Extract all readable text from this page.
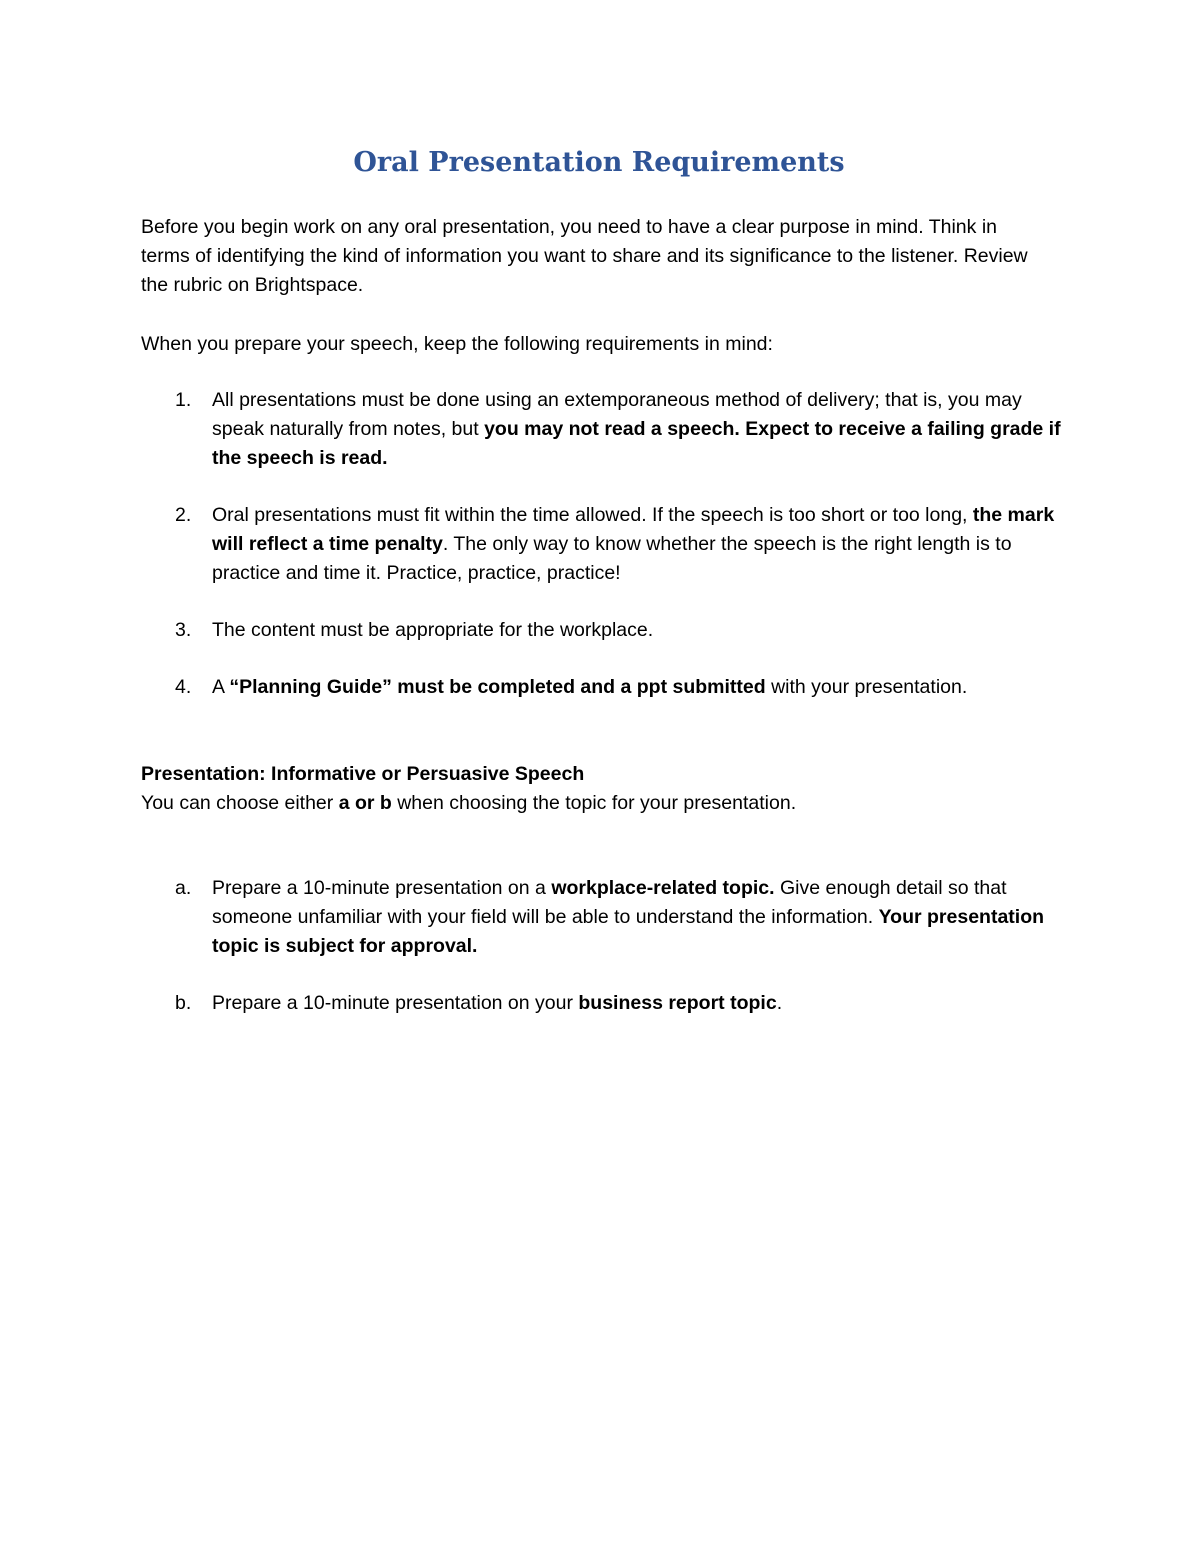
Oral Presentation Requirements

Before you begin work on any oral presentation, you need to have a clear purpose in mind. Think in terms of identifying the kind of information you want to share and its significance to the listener. Review the rubric on Brightspace.

When you prepare your speech, keep the following requirements in mind:

1. All presentations must be done using an extemporaneous method of delivery; that is, you may speak naturally from notes, but you may not read a speech. Expect to receive a failing grade if the speech is read.
2. Oral presentations must fit within the time allowed. If the speech is too short or too long, the mark will reflect a time penalty. The only way to know whether the speech is the right length is to practice and time it. Practice, practice, practice!
3. The content must be appropriate for the workplace.
4. A “Planning Guide” must be completed and a ppt submitted with your presentation.
Presentation: Informative or Persuasive Speech
You can choose either a or b when choosing the topic for your presentation.
a. Prepare a 10-minute presentation on a workplace-related topic. Give enough detail so that someone unfamiliar with your field will be able to understand the information. Your presentation topic is subject for approval.
b. Prepare a 10-minute presentation on your business report topic.
